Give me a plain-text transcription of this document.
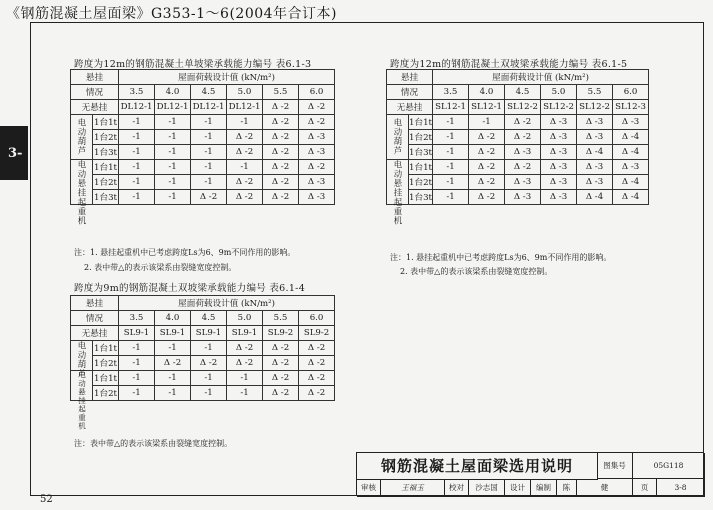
《钢筋混凝土屋面梁》G353-1～6(2004年合订本)
3-
52
跨度为12m的钢筋混凝土单坡梁承载能力编号 表6.1-3
悬挂		屋面荷载设计值 (kN/m²)					
情况		3.5	4.0	4.5	5.0	5.5	6.0
无悬挂		DL12-1	DL12-1	DL12-1	DL12-1	Δ -2	Δ -2
电动葫芦	1台1t	-1	-1	-1	-1	Δ -2	Δ -2
	1台2t	-1	-1	-1	Δ -2	Δ -2	Δ -3
	1台3t	-1	-1	-1	Δ -2	Δ -2	Δ -3
电动悬挂起重机	1台1t	-1	-1	-1	-1	Δ -2	Δ -2
	1台2t	-1	-1	-1	Δ -2	Δ -2	Δ -3
	1台3t	-1	-1	Δ -2	Δ -2	Δ -2	Δ -3
注：1. 悬挂起重机中已考虑跨度Ls为6、9m不同作用的影响。
2. 表中带△的表示该梁系由裂缝宽度控制。
跨度为9m的钢筋混凝土双坡梁承载能力编号 表6.1-4
悬挂		屋面荷载设计值 (kN/m²)					
情况		3.5	4.0	4.5	5.0	5.5	6.0
无悬挂		SL9-1	SL9-1	SL9-1	SL9-1	SL9-2	SL9-2
电动葫芦	1台1t	-1	-1	-1	Δ -2	Δ -2	Δ -2
	1台2t	-1	Δ -2	Δ -2	Δ -2	Δ -2	Δ -2
电动悬挂起重机	1台1t	-1	-1	-1	-1	Δ -2	Δ -2
	1台2t	-1	-1	-1	-1	Δ -2	Δ -2
注：表中带△的表示该梁系由裂缝宽度控制。
跨度为12m的钢筋混凝土双坡梁承载能力编号 表6.1-5
悬挂		屋面荷载设计值 (kN/m²)					
情况		3.5	4.0	4.5	5.0	5.5	6.0
无悬挂		SL12-1	SL12-1	SL12-2	SL12-2	SL12-2	SL12-3
电动葫芦	1台1t	-1	-1	Δ -2	Δ -3	Δ -3	Δ -3
	1台2t	-1	Δ -2	Δ -2	Δ -3	Δ -3	Δ -4
	1台3t	-1	Δ -2	Δ -3	Δ -3	Δ -4	Δ -4
电动悬挂起重机	1台1t	-1	Δ -2	Δ -2	Δ -3	Δ -3	Δ -3
	1台2t	-1	Δ -2	Δ -3	Δ -3	Δ -3	Δ -4
	1台3t	-1	Δ -2	Δ -3	Δ -3	Δ -4	Δ -4
注：1. 悬挂起重机中已考虑跨度Ls为6、9m不同作用的影响。
2. 表中带△的表示该梁系由裂缝宽度控制。
钢筋混凝土屋面梁选用说明	图集号	05G118
审核	王福玉	校对	沙志国	设计	编制	陈	健	页	3-8
